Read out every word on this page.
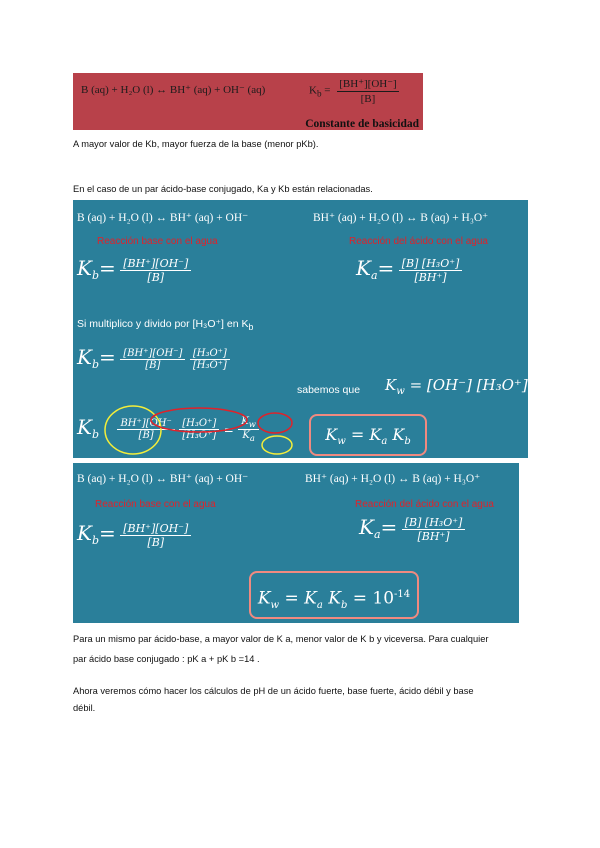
B (aq) + H₂O (l) ↔ BH⁺ (aq) + OH⁻ (aq)	$K_b = \frac{[BH^+][OH^-]}{[B]}$
Constante de basicidad
A mayor valor de Kb, mayor fuerza de la base (menor pKb).
En el caso de un par ácido-base conjugado, Ka y Kb están relacionadas.
B (aq) + H₂O (l) ↔ BH⁺ (aq) + OH⁻	BH⁺ (aq) + H₂O (l) ↔ B (aq) + H₃O⁺
Reacción base con el agua	Reacción del ácido con el agua
$K_b= \frac{[BH^+][OH^-]}{[B]}$	$K_a= \frac{\text{[B] [H₃O⁺]}}{[BH^+]}$
Si multiplico y divido por [H₃O⁺] en $K_b$
$K_b= \frac{[BH^+][OH^-]}{[B]}$
$\frac{\text{[H₃O⁺]}}{\text{[H₃O⁺]}}$
sabemos que $K_w = [OH^-]$ [H₃O⁺]
$K_b \frac{BH^+][OH^-}{[B]}$
$\frac{\text{[H₃O⁺]}}{\text{[H₃O⁺]}} = \frac{K_w}{K_a}$	$K_w = K_a$ $K_b$
B (aq) + H₂O (l) ↔ BH⁺ (aq) + OH⁻	BH⁺ (aq) + H₂O (l) ↔ B (aq) + H₃O⁺
Reacción base con el agua	Reacción del ácido con el agua
$K_b= \frac{[BH^+][OH^-]}{[B]}$	$K_a= \frac{\text{[B] [H₃O⁺]}}{[BH^+]}$
$K_w = K_a$ $K_b = 10^{-14}$
Para un mismo par ácido-base, a mayor valor de K a, menor valor de K b y viceversa. Para cualquier
par ácido base conjugado : pK a + pK b =14 .
Ahora veremos cómo hacer los cálculos de pH de un ácido fuerte, base fuerte, ácido débil y base
débil.
